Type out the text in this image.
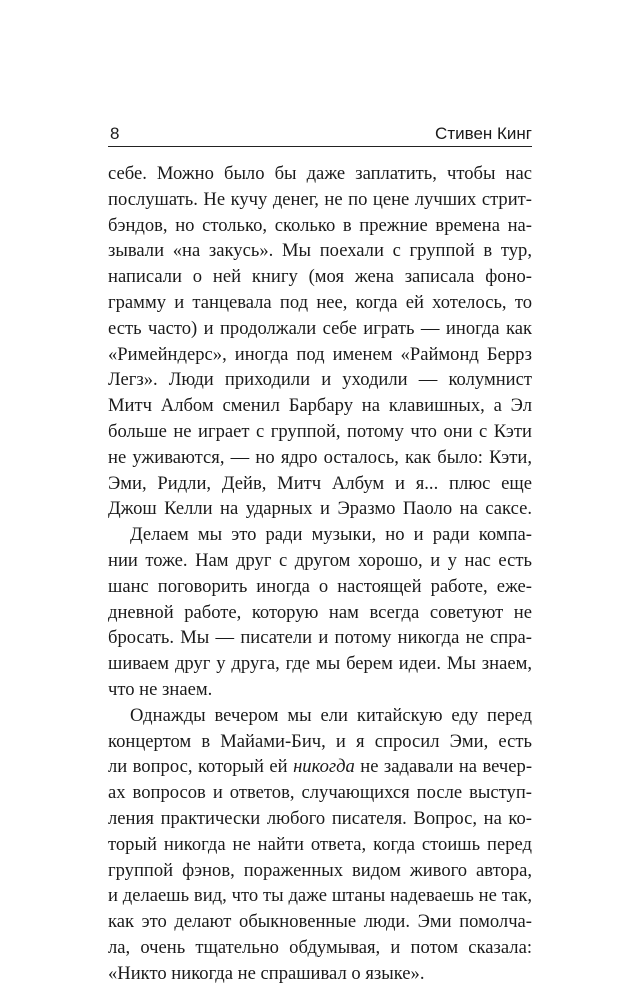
8	Стивен Кинг
себе. Можно было бы даже заплатить, чтобы нас
послушать. Не кучу денег, не по цене лучших стрит-
бэндов, но столько, сколько в прежние времена на-
зывали «на закусь». Мы поехали с группой в тур,
написали о ней книгу (моя жена записала фоно-
грамму и танцевала под нее, когда ей хотелось, то
есть часто) и продолжали себе играть — иногда как
«Римейндерс», иногда под именем «Раймонд Беррз
Легз». Люди приходили и уходили — колумнист
Митч Албом сменил Барбару на клавишных, а Эл
больше не играет с группой, потому что они с Кэти
не уживаются, — но ядро осталось, как было: Кэти,
Эми, Ридли, Дейв, Митч Албум и я... плюс еще
Джош Келли на ударных и Эразмо Паоло на саксе.
Делаем мы это ради музыки, но и ради компа-
нии тоже. Нам друг с другом хорошо, и у нас есть
шанс поговорить иногда о настоящей работе, еже-
дневной работе, которую нам всегда советуют не
бросать. Мы — писатели и потому никогда не спра-
шиваем друг у друга, где мы берем идеи. Мы знаем,
что не знаем.
Однажды вечером мы ели китайскую еду перед
концертом в Майами-Бич, и я спросил Эми, есть
ли вопрос, который ей никогда не задавали на вечер-
ах вопросов и ответов, случающихся после выступ-
ления практически любого писателя. Вопрос, на ко-
торый никогда не найти ответа, когда стоишь перед
группой фэнов, пораженных видом живого автора,
и делаешь вид, что ты даже штаны надеваешь не так,
как это делают обыкновенные люди. Эми помолча-
ла, очень тщательно обдумывая, и потом сказала:
«Никто никогда не спрашивал о языке».
